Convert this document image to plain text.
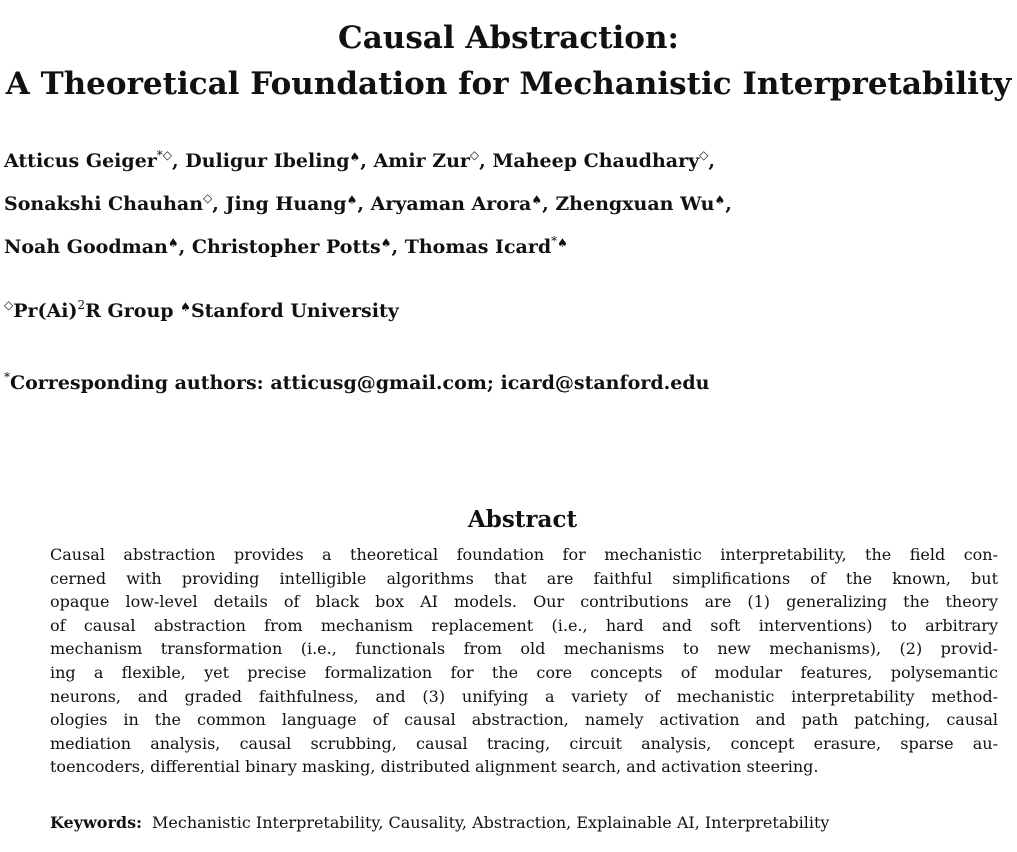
Causal Abstraction:
A Theoretical Foundation for Mechanistic Interpretability
Atticus Geiger*◇, Duligur Ibeling♠, Amir Zur◇, Maheep Chaudhary◇,
Sonakshi Chauhan◇, Jing Huang♠, Aryaman Arora♠, Zhengxuan Wu♠,
Noah Goodman♠, Christopher Potts♠, Thomas Icard*♠
$^◇Pr(Ai)^2R$ Group ♠Stanford University
*Corresponding authors: atticusg@gmail.com; icard@stanford.edu
Abstract
Causal abstraction provides a theoretical foundation for mechanistic interpretability, the field con-
cerned with providing intelligible algorithms that are faithful simplifications of the known, but
opaque low-level details of black box AI models. Our contributions are (1) generalizing the theory
of causal abstraction from mechanism replacement (i.e., hard and soft interventions) to arbitrary
mechanism transformation (i.e., functionals from old mechanisms to new mechanisms), (2) provid-
ing a flexible, yet precise formalization for the core concepts of modular features, polysemantic
neurons, and graded faithfulness, and (3) unifying a variety of mechanistic interpretability method-
ologies in the common language of causal abstraction, namely activation and path patching, causal
mediation analysis, causal scrubbing, causal tracing, circuit analysis, concept erasure, sparse au-
toencoders, differential binary masking, distributed alignment search, and activation steering.
Keywords: Mechanistic Interpretability, Causality, Abstraction, Explainable AI, Interpretability
